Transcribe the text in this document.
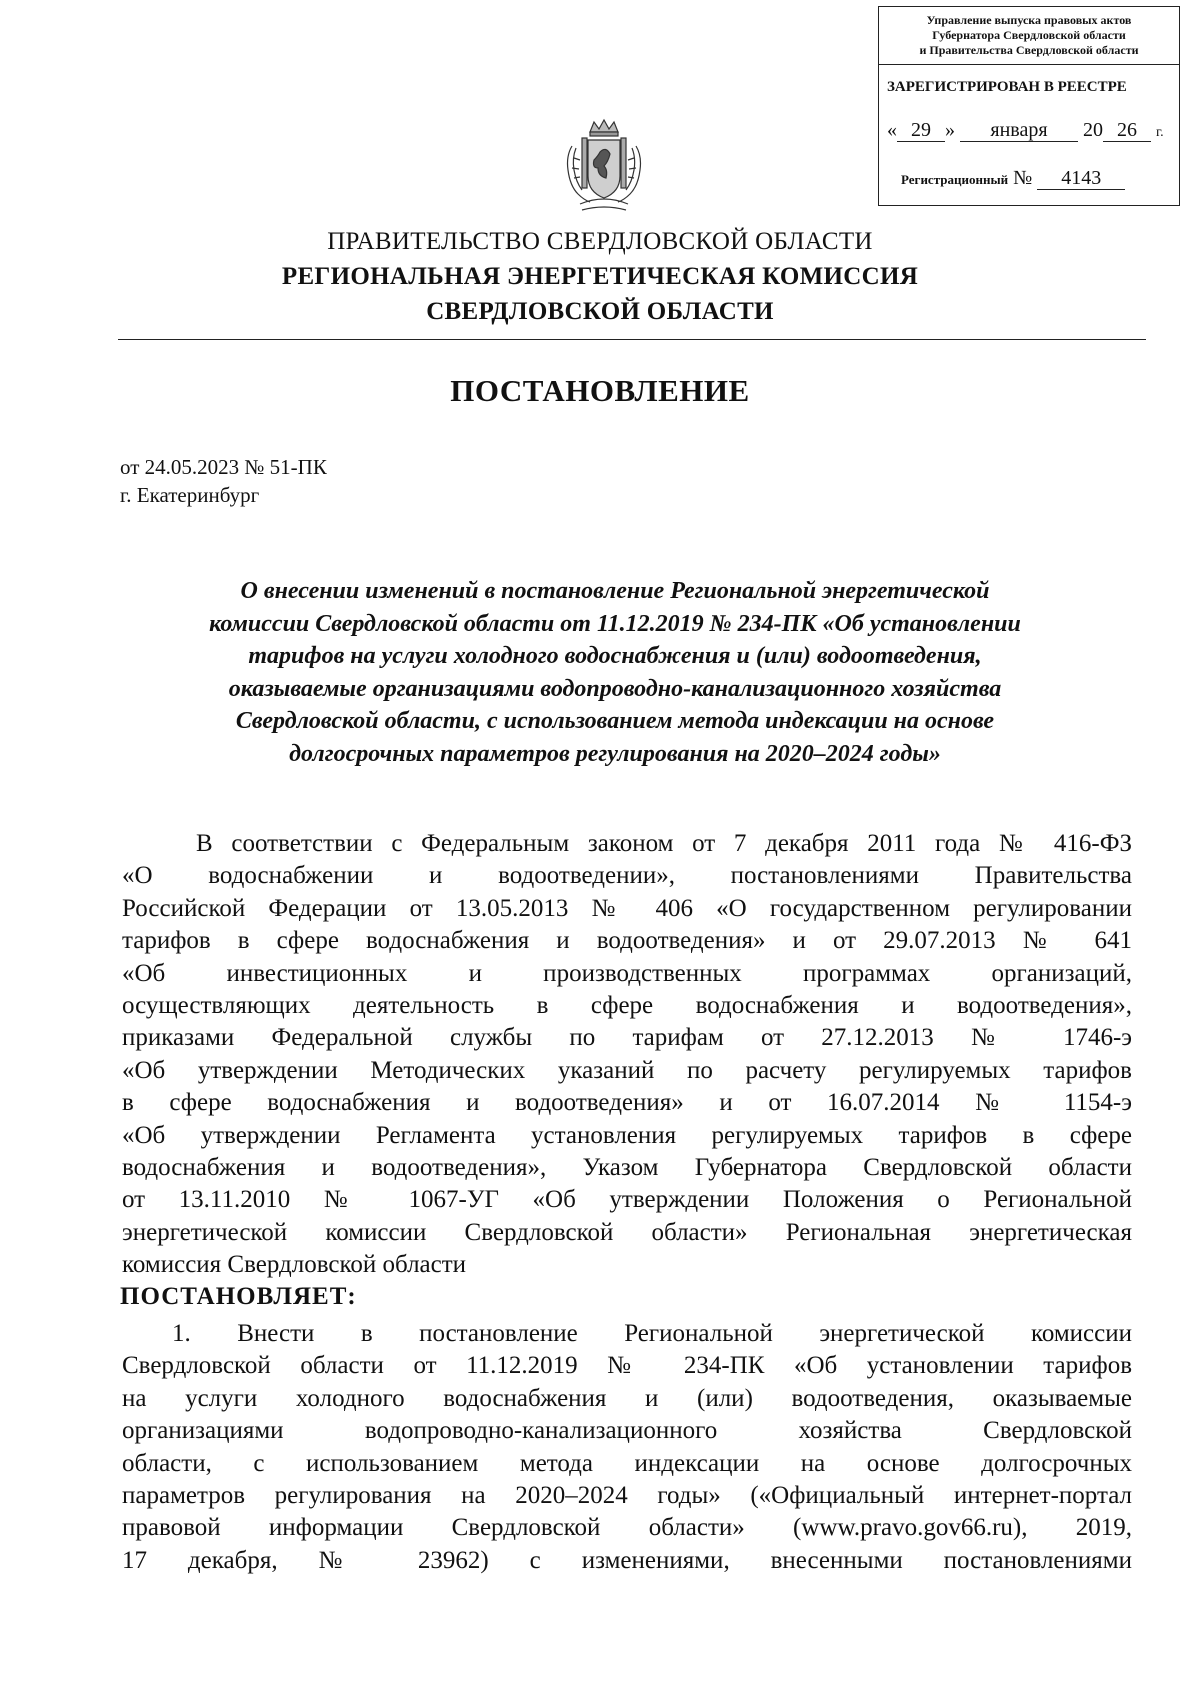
Управление выпуска правовых актов
Губернатора Свердловской области
и Правительства Свердловской области
ЗАРЕГИСТРИРОВАН В РЕЕСТРЕ
« 29 » января 20 26 г.
Регистрационный № 4143
ПРАВИТЕЛЬСТВО СВЕРДЛОВСКОЙ ОБЛАСТИ
РЕГИОНАЛЬНАЯ ЭНЕРГЕТИЧЕСКАЯ КОМИССИЯ
СВЕРДЛОВСКОЙ ОБЛАСТИ
ПОСТАНОВЛЕНИЕ
от 24.05.2023 № 51-ПК
г. Екатеринбург
О внесении изменений в постановление Региональной энергетической
комиссии Свердловской области от 11.12.2019 № 234-ПК «Об установлении
тарифов на услуги холодного водоснабжения и (или) водоотведения,
оказываемые организациями водопроводно-канализационного хозяйства
Свердловской области, с использованием метода индексации на основе
долгосрочных параметров регулирования на 2020–2024 годы»
В соответствии с Федеральным законом от 7 декабря 2011 года № 416-ФЗ
«О водоснабжении и водоотведении», постановлениями Правительства
Российской Федерации от 13.05.2013 № 406 «О государственном регулировании
тарифов в сфере водоснабжения и водоотведения» и от 29.07.2013 № 641
«Об инвестиционных и производственных программах организаций,
осуществляющих деятельность в сфере водоснабжения и водоотведения»,
приказами Федеральной службы по тарифам от 27.12.2013 № 1746-э
«Об утверждении Методических указаний по расчету регулируемых тарифов
в сфере водоснабжения и водоотведения» и от 16.07.2014 № 1154-э
«Об утверждении Регламента установления регулируемых тарифов в сфере
водоснабжения и водоотведения», Указом Губернатора Свердловской области
от 13.11.2010 № 1067-УГ «Об утверждении Положения о Региональной
энергетической комиссии Свердловской области» Региональная энергетическая
комиссия Свердловской области
ПОСТАНОВЛЯЕТ:
1. Внести в постановление Региональной энергетической комиссии
Свердловской области от 11.12.2019 № 234-ПК «Об установлении тарифов
на услуги холодного водоснабжения и (или) водоотведения, оказываемые
организациями водопроводно-канализационного хозяйства Свердловской
области, с использованием метода индексации на основе долгосрочных
параметров регулирования на 2020–2024 годы» («Официальный интернет-портал
правовой информации Свердловской области» (www.pravo.gov66.ru), 2019,
17 декабря, № 23962) с изменениями, внесенными постановлениями
